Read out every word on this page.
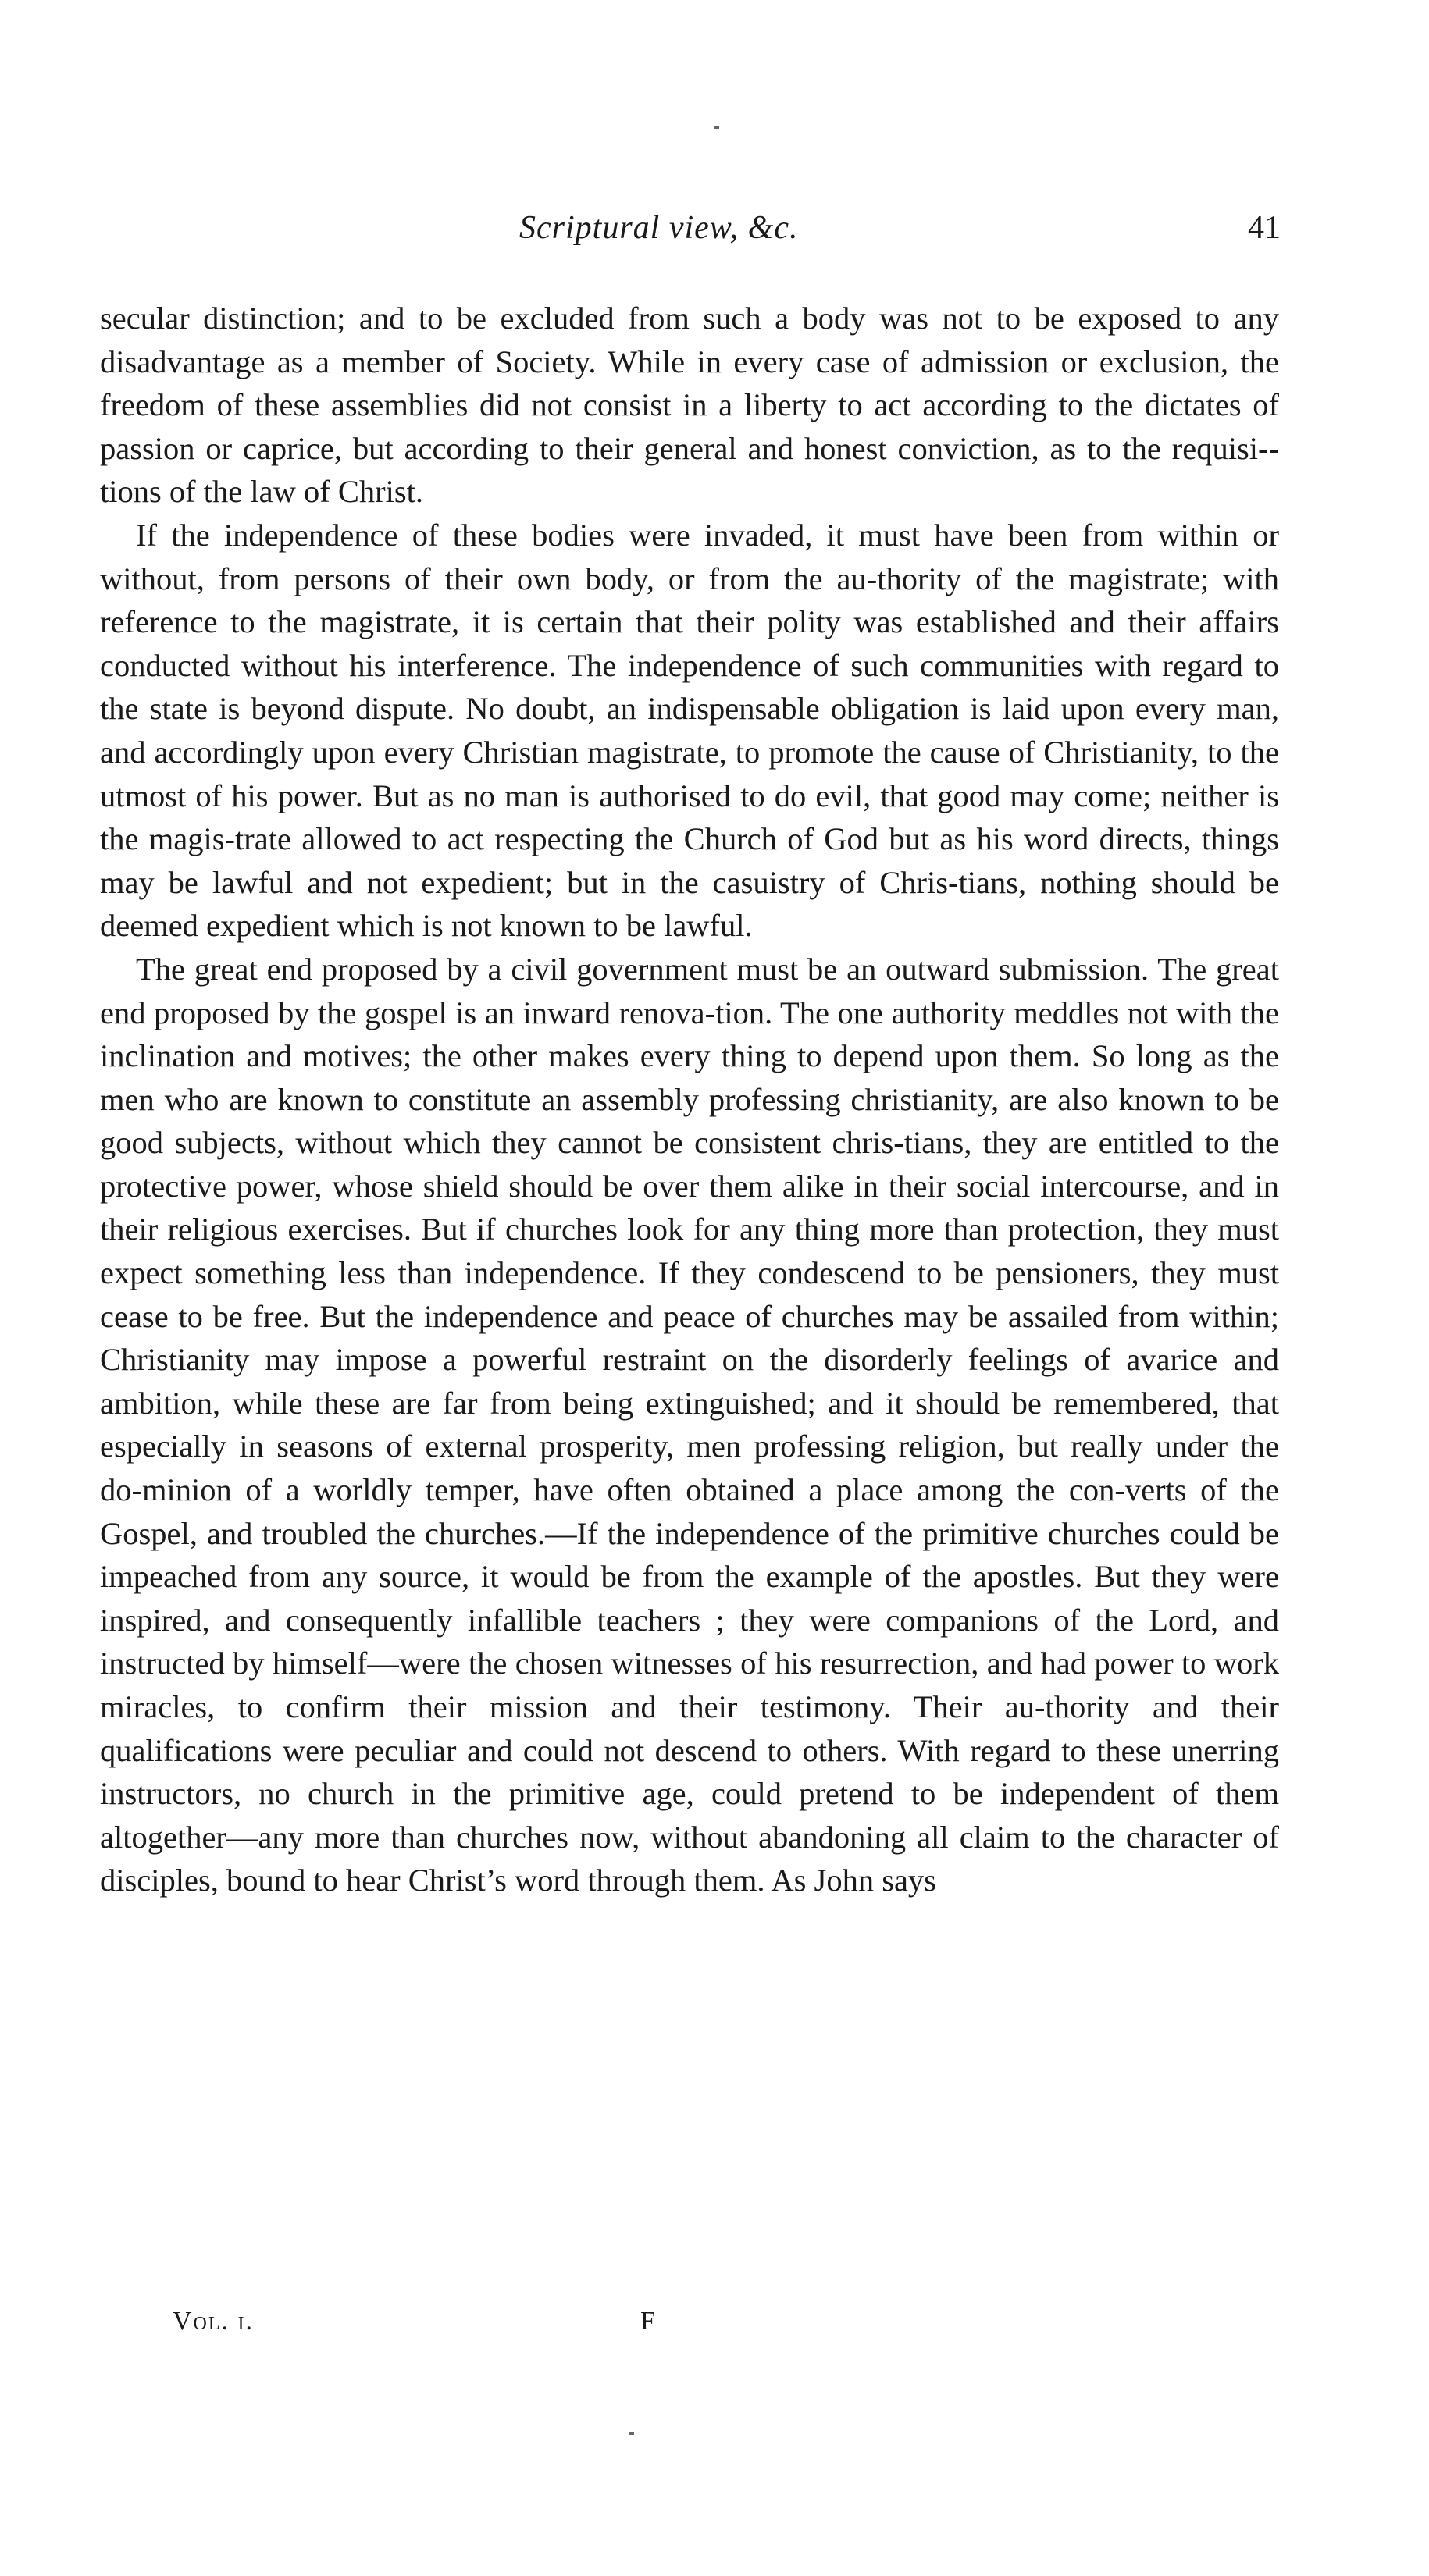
Scriptural view, &c.	41

secular distinction; and to be excluded from such a body was not to be exposed to any disadvantage as a member of Society. While in every case of admission or exclusion, the freedom of these assemblies did not consist in a liberty to act according to the dictates of passion or caprice, but according to their general and honest conviction, as to the requisi-tions of the law of Christ.

If the independence of these bodies were invaded, it must have been from within or without, from persons of their own body, or from the au-thority of the magistrate; with reference to the magistrate, it is certain that their polity was established and their affairs conducted without his interference. The independence of such communities with regard to the state is beyond dispute. No doubt, an indispensable obligation is laid upon every man, and accordingly upon every Christian magistrate, to promote the cause of Christianity, to the utmost of his power. But as no man is authorised to do evil, that good may come; neither is the magis-trate allowed to act respecting the Church of God but as his word directs, things may be lawful and not expedient; but in the casuistry of Chris-tians, nothing should be deemed expedient which is not known to be lawful.

The great end proposed by a civil government must be an outward submission. The great end proposed by the gospel is an inward renova-tion. The one authority meddles not with the inclination and motives; the other makes every thing to depend upon them. So long as the men who are known to constitute an assembly professing christianity, are also known to be good subjects, without which they cannot be consistent chris-tians, they are entitled to the protective power, whose shield should be over them alike in their social intercourse, and in their religious exercises. But if churches look for any thing more than protection, they must expect something less than independence. If they condescend to be pensioners, they must cease to be free. But the independence and peace of churches may be assailed from within; Christianity may impose a powerful restraint on the disorderly feelings of avarice and ambition, while these are far from being extinguished; and it should be remembered, that especially in seasons of external prosperity, men professing religion, but really under the do-minion of a worldly temper, have often obtained a place among the con-verts of the Gospel, and troubled the churches.—If the independence of the primitive churches could be impeached from any source, it would be from the example of the apostles. But they were inspired, and consequently infallible teachers ; they were companions of the Lord, and instructed by himself—were the chosen witnesses of his resurrection, and had power to work miracles, to confirm their mission and their testimony. Their au-thority and their qualifications were peculiar and could not descend to others. With regard to these unerring instructors, no church in the primitive age, could pretend to be independent of them altogether—any more than churches now, without abandoning all claim to the character of disciples, bound to hear Christ’s word through them. As John says

Vol. i.	F
